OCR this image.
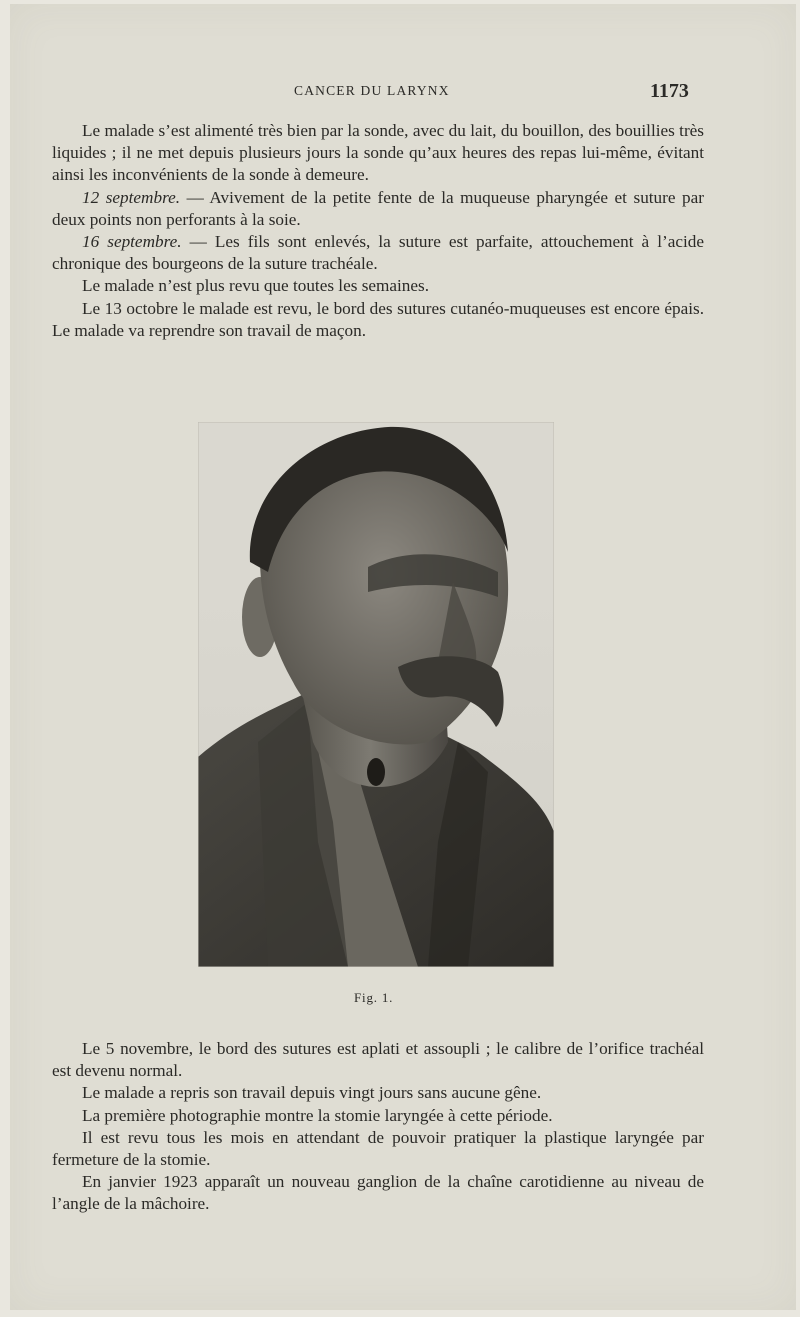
CANCER DU LARYNX	1173

Le malade s’est alimenté très bien par la sonde, avec du lait, du bouillon, des bouillies très liquides ; il ne met depuis plusieurs jours la sonde qu’aux heures des repas lui-même, évitant ainsi les inconvénients de la sonde à demeure.

12 septembre. — Avivement de la petite fente de la muqueuse pharyngée et suture par deux points non perforants à la soie.

16 septembre. — Les fils sont enlevés, la suture est parfaite, attouchement à l’acide chronique des bourgeons de la suture trachéale.

Le malade n’est plus revu que toutes les semaines.

Le 13 octobre le malade est revu, le bord des sutures cutanéo-muqueuses est encore épais. Le malade va reprendre son travail de maçon.

Fig. 1.

Le 5 novembre, le bord des sutures est aplati et assoupli ; le calibre de l’orifice trachéal est devenu normal.

Le malade a repris son travail depuis vingt jours sans aucune gêne.

La première photographie montre la stomie laryngée à cette période.

Il est revu tous les mois en attendant de pouvoir pratiquer la plastique laryngée par fermeture de la stomie.

En janvier 1923 apparaît un nouveau ganglion de la chaîne carotidienne au niveau de l’angle de la mâchoire.
